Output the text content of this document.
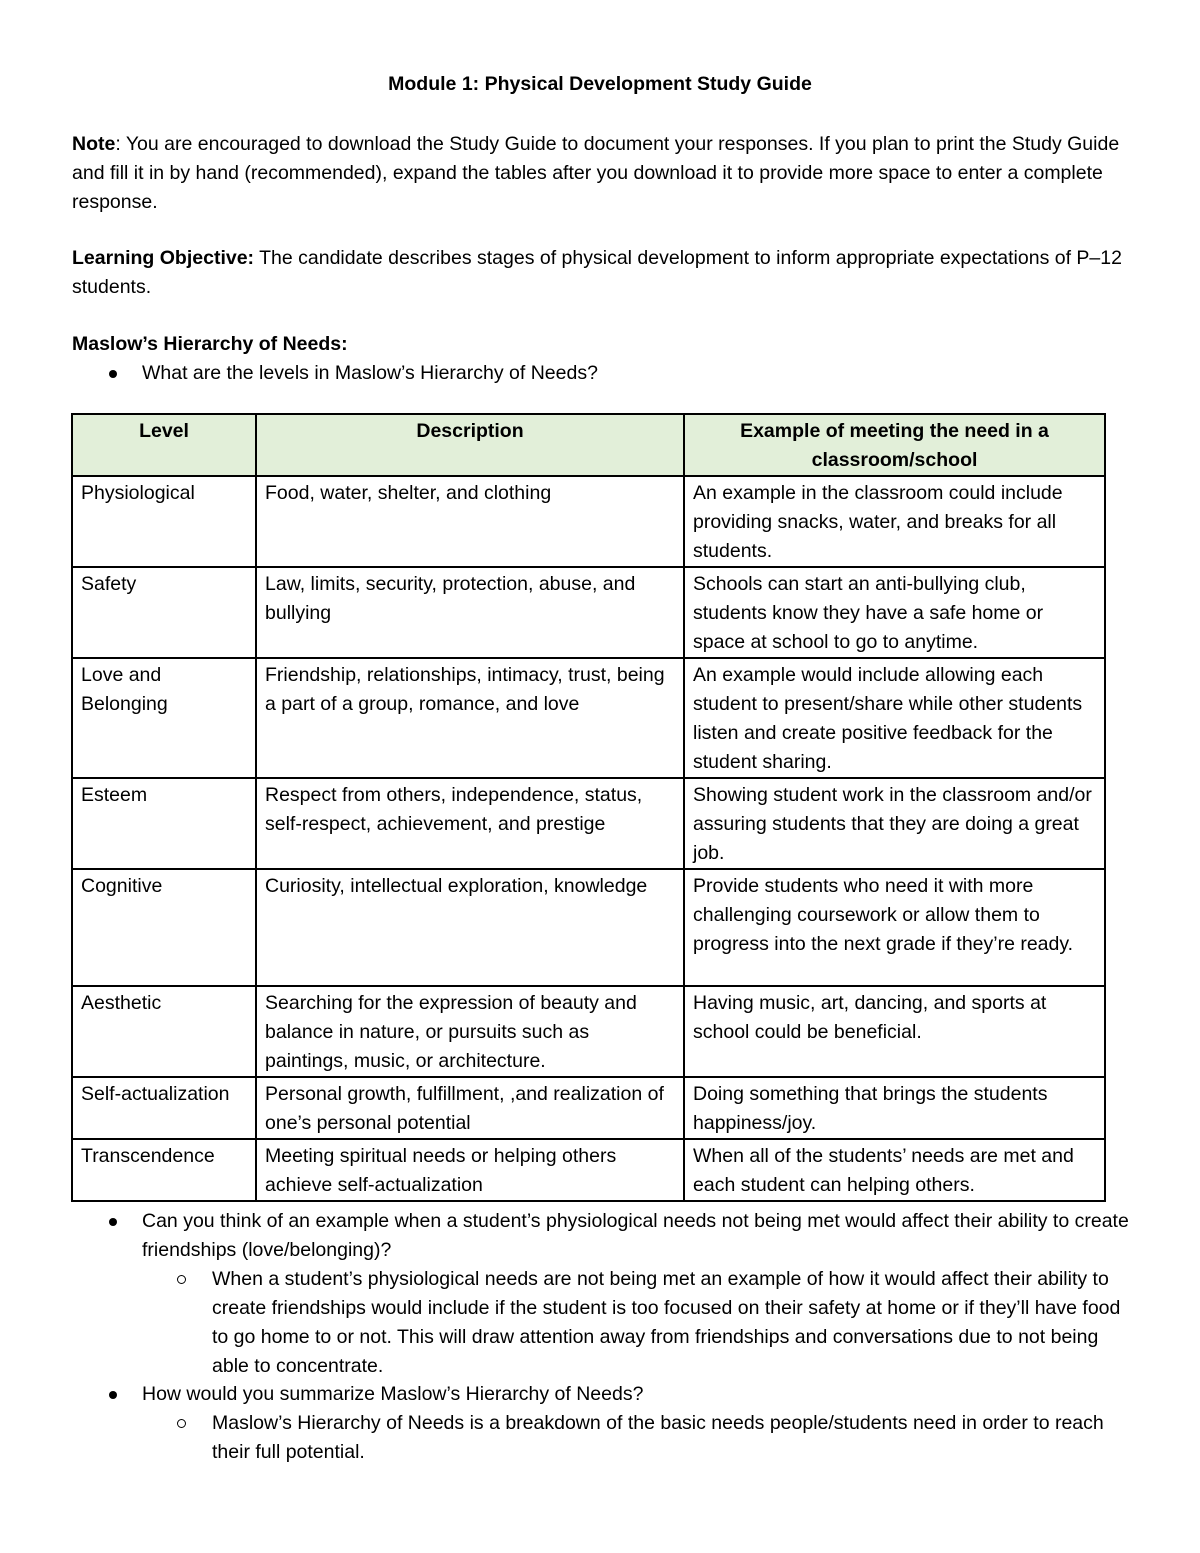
Module 1: Physical Development Study Guide
Note: You are encouraged to download the Study Guide to document your responses. If you plan to print the Study Guide and fill it in by hand (recommended), expand the tables after you download it to provide more space to enter a complete response.
Learning Objective: The candidate describes stages of physical development to inform appropriate expectations of P–12 students.
Maslow’s Hierarchy of Needs:
What are the levels in Maslow’s Hierarchy of Needs?
Level	Description	Example of meeting the need in a classroom/school
Physiological	Food, water, shelter, and clothing	An example in the classroom could include providing snacks, water, and breaks for all students.
Safety	Law, limits, security, protection, abuse, and bullying	Schools can start an anti-bullying club, students know they have a safe home or space at school to go to anytime.
Love and Belonging	Friendship, relationships, intimacy, trust, being a part of a group, romance, and love	An example would include allowing each student to present/share while other students listen and create positive feedback for the student sharing.
Esteem	Respect from others, independence, status, self-respect, achievement, and prestige	Showing student work in the classroom and/or assuring students that they are doing a great job.
Cognitive	Curiosity, intellectual exploration, knowledge	Provide students who need it with more challenging coursework or allow them to progress into the next grade if they’re ready.
Aesthetic	Searching for the expression of beauty and balance in nature, or pursuits such as paintings, music, or architecture.	Having music, art, dancing, and sports at school could be beneficial.
Self-actualization	Personal growth, fulfillment, ,and realization of one’s personal potential	Doing something that brings the students happiness/joy.
Transcendence	Meeting spiritual needs or helping others achieve self-actualization	When all of the students’ needs are met and each student can helping others.
Can you think of an example when a student’s physiological needs not being met would affect their ability to create friendships (love/belonging)?
When a student’s physiological needs are not being met an example of how it would affect their ability to create friendships would include if the student is too focused on their safety at home or if they’ll have food to go home to or not. This will draw attention away from friendships and conversations due to not being able to concentrate.
How would you summarize Maslow’s Hierarchy of Needs?
Maslow’s Hierarchy of Needs is a breakdown of the basic needs people/students need in order to reach their full potential.
